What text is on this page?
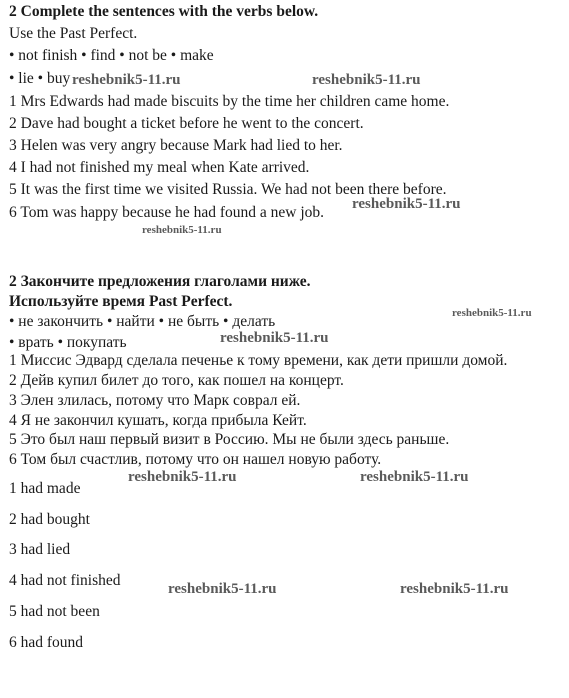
2 Complete the sentences with the verbs below.
Use the Past Perfect.
• not finish • find • not be • make
• lie • buy
1 Mrs Edwards had made biscuits by the time her children came home.
2 Dave had bought a ticket before he went to the concert.
3 Helen was very angry because Mark had lied to her.
4 I had not finished my meal when Kate arrived.
5 It was the first time we visited Russia. We had not been there before.
6 Tom was happy because he had found a new job.
2 Закончите предложения глаголами ниже.
Используйте время Past Perfect.
• не закончить • найти • не быть • делать
• врать • покупать
1 Миссис Эдвард сделала печенье к тому времени, как дети пришли домой.
2 Дейв купил билет до того, как пошел на концерт.
3 Элен злилась, потому что Марк соврал ей.
4 Я не закончил кушать, когда прибыла Кейт.
5 Это был наш первый визит в Россию. Мы не были здесь раньше.
6 Том был счастлив, потому что он нашел новую работу.
1 had made
2 had bought
3 had lied
4 had not finished
5 had not been
6 had found
reshebnik5-11.ru	reshebnik5-11.ru
reshebnik5-11.ru
reshebnik5-11.ru
reshebnik5-11.ru
reshebnik5-11.ru
reshebnik5-11.ru	reshebnik5-11.ru
reshebnik5-11.ru	reshebnik5-11.ru
